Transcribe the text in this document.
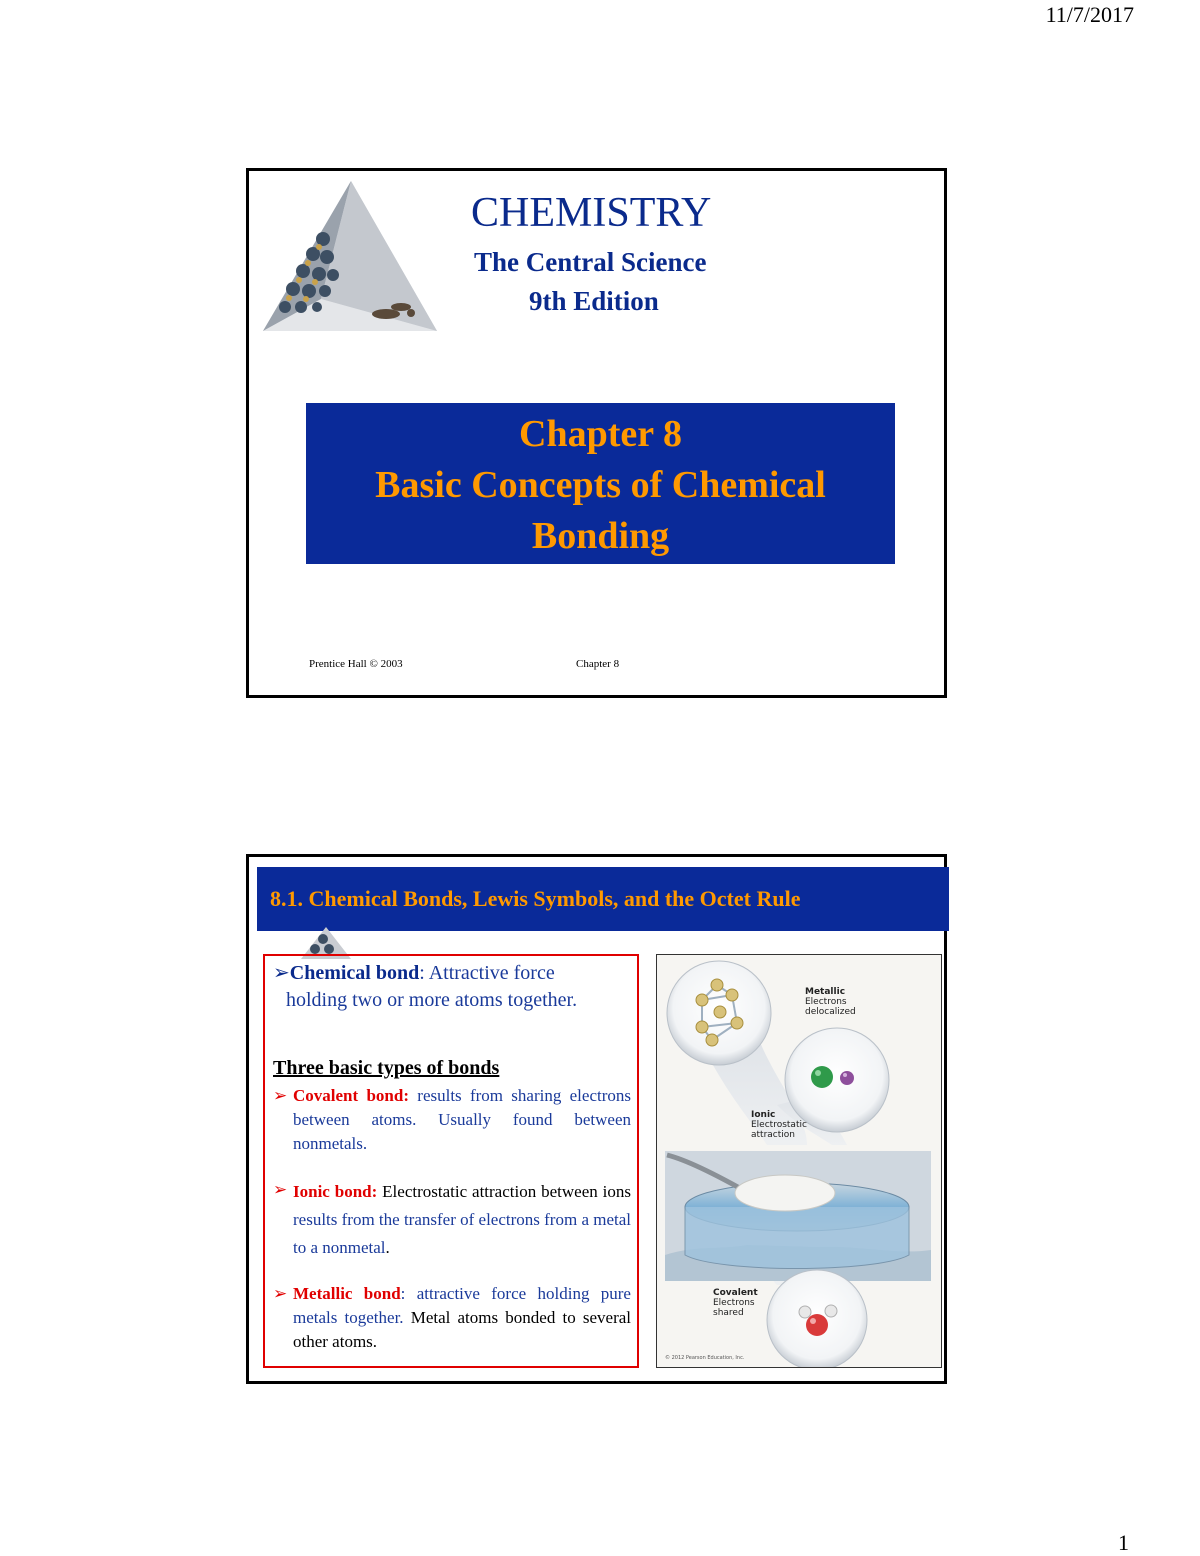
11/7/2017
CHEMISTRY
The Central Science
9th Edition
Chapter 8
Basic Concepts of Chemical
Bonding
Prentice Hall © 2003	Chapter 8
8.1. Chemical Bonds, Lewis Symbols, and the Octet Rule
➢Chemical bond: Attractive force
holding two or more atoms together.
Three basic types of bonds
➢ Covalent bond: results from sharing electrons between atoms. Usually found between nonmetals.
➢ Ionic bond: Electrostatic attraction between ions results from the transfer of electrons from a metal to a nonmetal.
➢ Metallic bond: attractive force holding pure metals together. Metal atoms bonded to several other atoms.
Metallic
Electrons
delocalized
Ionic
Electrostatic
attraction
Covalent
Electrons
shared
© 2012 Pearson Education, Inc.
1
